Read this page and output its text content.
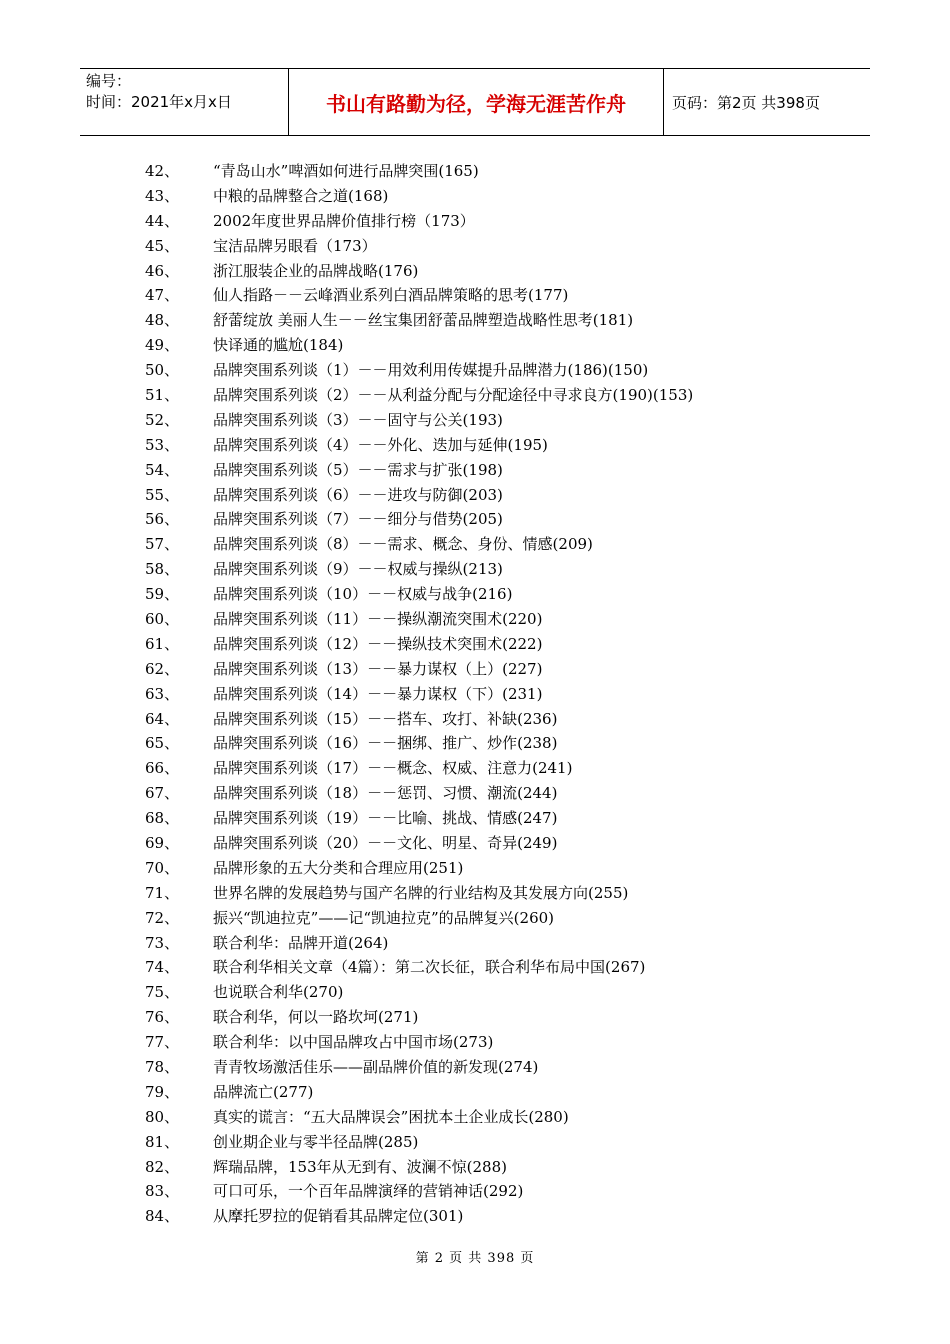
编号：
时间：2021年x月x日	书山有路勤为径，学海无涯苦作舟	页码：第2页 共398页
42、	“青岛山水”啤酒如何进行品牌突围(165)
43、	中粮的品牌整合之道(168)
44、	2002年度世界品牌价值排行榜（173）
45、	宝洁品牌另眼看（173）
46、	浙江服装企业的品牌战略(176)
47、	仙人指路－－云峰酒业系列白酒品牌策略的思考(177)
48、	舒蕾绽放 美丽人生－－丝宝集团舒蕾品牌塑造战略性思考(181)
49、	快译通的尴尬(184)
50、	品牌突围系列谈（1）－－用效利用传媒提升品牌潜力(186)(150)
51、	品牌突围系列谈（2）－－从利益分配与分配途径中寻求良方(190)(153)
52、	品牌突围系列谈（3）－－固守与公关(193)
53、	品牌突围系列谈（4）－－外化、迭加与延伸(195)
54、	品牌突围系列谈（5）－－需求与扩张(198)
55、	品牌突围系列谈（6）－－进攻与防御(203)
56、	品牌突围系列谈（7）－－细分与借势(205)
57、	品牌突围系列谈（8）－－需求、概念、身份、情感(209)
58、	品牌突围系列谈（9）－－权威与操纵(213)
59、	品牌突围系列谈（10）－－权威与战争(216)
60、	品牌突围系列谈（11）－－操纵潮流突围术(220)
61、	品牌突围系列谈（12）－－操纵技术突围术(222)
62、	品牌突围系列谈（13）－－暴力谋权（上）(227)
63、	品牌突围系列谈（14）－－暴力谋权（下）(231)
64、	品牌突围系列谈（15）－－搭车、攻打、补缺(236)
65、	品牌突围系列谈（16）－－捆绑、推广、炒作(238)
66、	品牌突围系列谈（17）－－概念、权威、注意力(241)
67、	品牌突围系列谈（18）－－惩罚、习惯、潮流(244)
68、	品牌突围系列谈（19）－－比喻、挑战、情感(247)
69、	品牌突围系列谈（20）－－文化、明星、奇异(249)
70、	品牌形象的五大分类和合理应用(251)
71、	世界名牌的发展趋势与国产名牌的行业结构及其发展方向(255)
72、	振兴“凯迪拉克”——记“凯迪拉克”的品牌复兴(260)
73、	联合利华：品牌开道(264)
74、	联合利华相关文章（4篇）：第二次长征，联合利华布局中国(267)
75、	也说联合利华(270)
76、	联合利华，何以一路坎坷(271)
77、	联合利华：以中国品牌攻占中国市场(273)
78、	青青牧场激活佳乐——副品牌价值的新发现(274)
79、	品牌流亡(277)
80、	真实的谎言：“五大品牌误会”困扰本土企业成长(280)
81、	创业期企业与零半径品牌(285)
82、	辉瑞品牌，153年从无到有、波澜不惊(288)
83、	可口可乐，一个百年品牌演绎的营销神话(292)
84、	从摩托罗拉的促销看其品牌定位(301)
第 2 页 共 398 页
